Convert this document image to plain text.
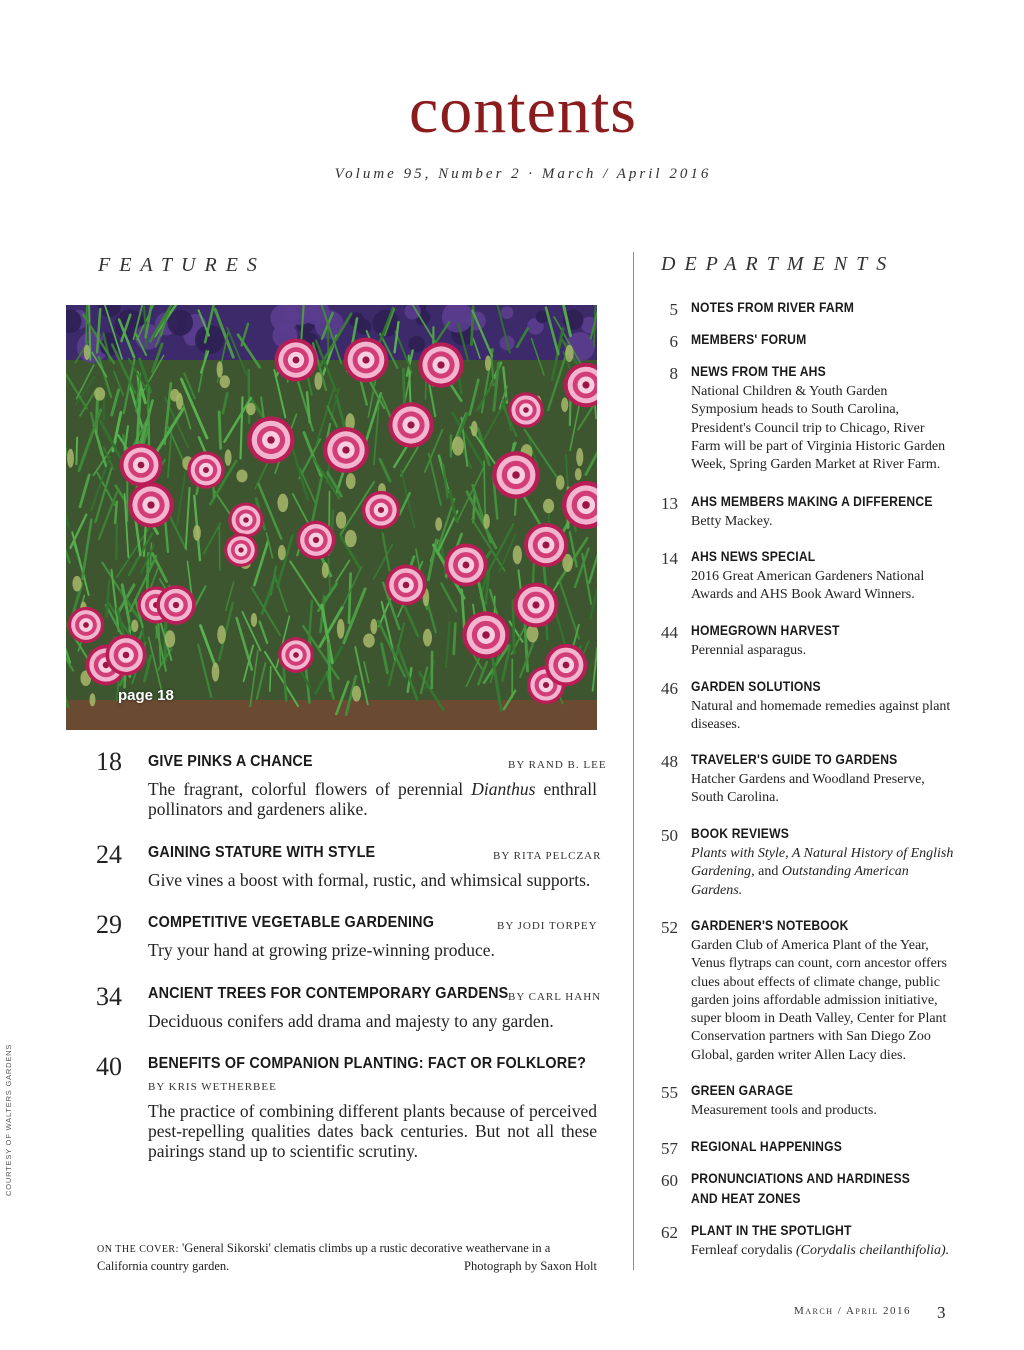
contents
Volume 95, Number 2 · March / April 2016
FEATURES	DEPARTMENTS
page 18
18 GIVE PINKS A CHANCE	BY RAND B. LEE
The fragrant, colorful flowers of perennial Dianthus enthrall pollinators and gardeners alike.
24 GAINING STATURE WITH STYLE	BY RITA PELCZAR
Give vines a boost with formal, rustic, and whimsical supports.
29 COMPETITIVE VEGETABLE GARDENING	BY JODI TORPEY
Try your hand at growing prize-winning produce.
34 ANCIENT TREES FOR CONTEMPORARY GARDENS BY CARL HAHN
Deciduous conifers add drama and majesty to any garden.
40 BENEFITS OF COMPANION PLANTING: FACT OR FOLKLORE?
BY KRIS WETHERBEE
The practice of combining different plants because of perceived pest-repelling qualities dates back centuries. But not all these pairings stand up to scientific scrutiny.
5 NOTES FROM RIVER FARM
6 MEMBERS' FORUM
8 NEWS FROM THE AHS
National Children & Youth Garden Symposium heads to South Carolina, President's Council trip to Chicago, River Farm will be part of Virginia Historic Garden Week, Spring Garden Market at River Farm.
13 AHS MEMBERS MAKING A DIFFERENCE
Betty Mackey.
14 AHS NEWS SPECIAL
2016 Great American Gardeners National Awards and AHS Book Award Winners.
44 HOMEGROWN HARVEST
Perennial asparagus.
46 GARDEN SOLUTIONS
Natural and homemade remedies against plant diseases.
48 TRAVELER'S GUIDE TO GARDENS
Hatcher Gardens and Woodland Preserve, South Carolina.
50 BOOK REVIEWS
Plants with Style, A Natural History of English Gardening, and Outstanding American Gardens.
52 GARDENER'S NOTEBOOK
Garden Club of America Plant of the Year, Venus flytraps can count, corn ancestor offers clues about effects of climate change, public garden joins affordable admission initiative, super bloom in Death Valley, Center for Plant Conservation partners with San Diego Zoo Global, garden writer Allen Lacy dies.
55 GREEN GARAGE
Measurement tools and products.
57 REGIONAL HAPPENINGS
60 PRONUNCIATIONS AND HARDINESS
AND HEAT ZONES
62 PLANT IN THE SPOTLIGHT
Fernleaf corydalis (Corydalis cheilanthifolia).
COURTESY OF WALTERS GARDENS
ON THE COVER: 'General Sikorski' clematis climbs up a rustic decorative weathervane in a California country garden.	Photograph by Saxon Holt
March / April 2016 3
